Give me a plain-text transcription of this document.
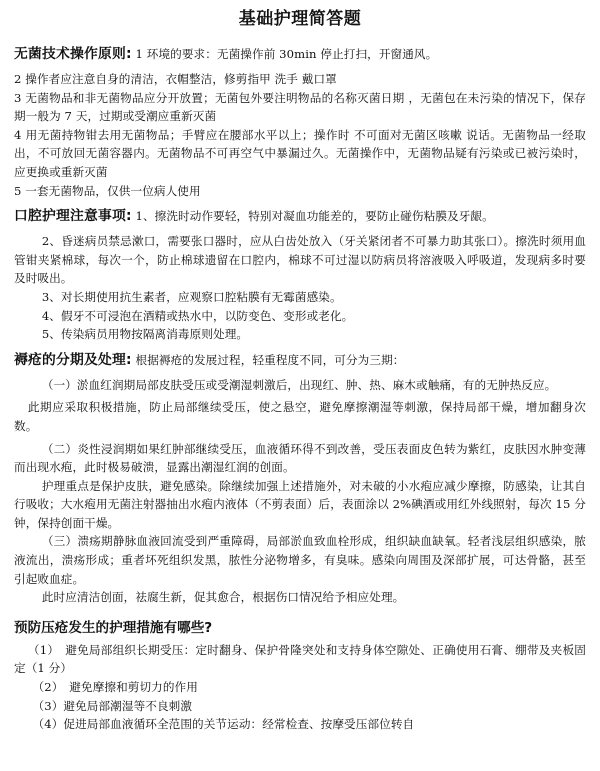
基础护理简答题

无菌技术操作原则: 1 环境的要求：无菌操作前 30min 停止打扫，开窗通风。

2 操作者应注意自身的清洁，衣帽整洁，修剪指甲 洗手 戴口罩

3 无菌物品和非无菌物品应分开放置；无菌包外要注明物品的名称灭菌日期 ，无菌包在未污染的情况下，保存期一般为 7 天，过期或受潮应重新灭菌

4 用无菌持物钳去用无菌物品；手臂应在腰部水平以上；操作时 不可面对无菌区咳嗽 说话。无菌物品一经取出，不可放回无菌容器内。无菌物品不可再空气中暴漏过久。无菌操作中，无菌物品疑有污染或已被污染时，应更换或重新灭菌

5 一套无菌物品，仅供一位病人使用

口腔护理注意事项: 1、擦洗时动作要轻，特别对凝血功能差的，要防止碰伤粘膜及牙龈。

2、昏迷病员禁忌漱口，需要张口器时，应从白齿处放入（牙关紧闭者不可暴力助其张口）。擦洗时须用血管钳夹紧棉球，每次一个，防止棉球遗留在口腔内，棉球不可过湿以防病员将溶液吸入呼吸道，发现病多时要及时吸出。

3、对长期使用抗生素者，应观察口腔粘膜有无霉菌感染。

4、假牙不可浸泡在酒精或热水中，以防变色、变形或老化。

5、传染病员用物按隔离消毒原则处理。

褥疮的分期及处理: 根据褥疮的发展过程，轻重程度不同，可分为三期：

（一）淤血红润期局部皮肤受压或受潮湿刺激后，出现红、肿、热、麻木或触痛，有的无肿热反应。

此期应采取积极措施，防止局部继续受压，使之悬空，避免摩擦潮湿等刺激，保持局部干燥，增加翻身次数。

（二）炎性浸润期如果红肿部继续受压，血液循环得不到改善，受压表面皮色转为紫红，皮肤因水肿变薄而出现水疱，此时极易破溃，显露出潮湿红润的创面。

护理重点是保护皮肤，避免感染。除继续加强上述措施外，对未破的小水疱应减少摩擦，防感染，让其自行吸收；大水疱用无菌注射器抽出水疱内液体（不剪表面）后，表面涂以 2%碘酒或用红外线照射，每次 15 分钟，保持创面干燥。

（三）溃疡期静脉血液回流受到严重障碍，局部淤血致血栓形成，组织缺血缺氧。轻者浅层组织感染，脓液流出，溃疡形成；重者坏死组织发黑，脓性分泌物增多，有臭味。感染向周围及深部扩展，可达骨骼，甚至引起败血症。

此时应清洁创面，祛腐生新，促其愈合，根据伤口情况给予相应处理。

预防压疮发生的护理措施有哪些?

（1）　避免局部组织长期受压：定时翻身、保护骨隆突处和支持身体空隙处、正确使用石膏、绷带及夹板固定（1 分）

（2）　避免摩擦和剪切力的作用

（3）避免局部潮湿等不良刺激

（4）促进局部血液循环全范围的关节运动：经常检查、按摩受压部位转自
